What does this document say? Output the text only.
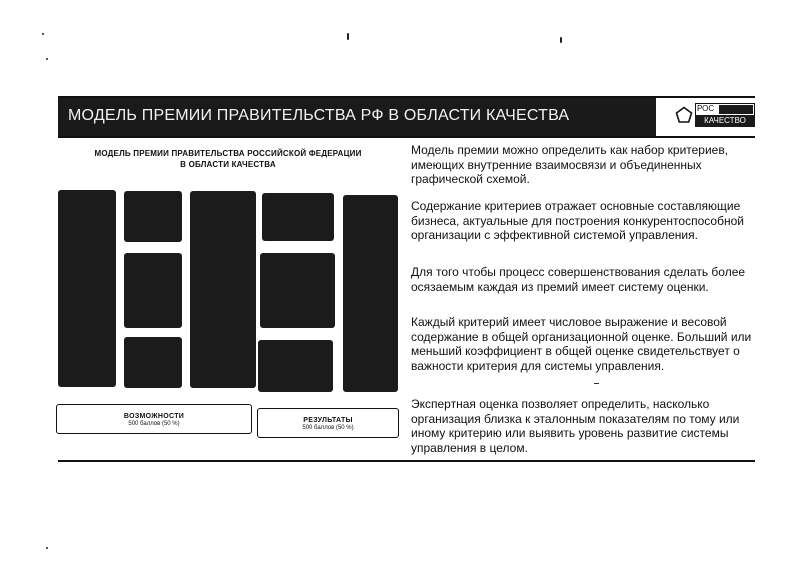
МОДЕЛЬ ПРЕМИИ ПРАВИТЕЛЬСТВА РФ В ОБЛАСТИ КАЧЕСТВА	РОС
КАЧЕСТВО
МОДЕЛЬ ПРЕМИИ ПРАВИТЕЛЬСТВА РОССИЙСКОЙ ФЕДЕРАЦИИ
В ОБЛАСТИ КАЧЕСТВА
ВОЗМОЖНОСТИ
500 баллов (50 %)	РЕЗУЛЬТАТЫ
500 баллов (50 %)
Модель премии можно определить как набор критериев, имеющих внутренние взаимосвязи и объединенных графической схемой.
Содержание критериев отражает основные составляющие бизнеса, актуальные для построения конкурентоспособной организации с эффективной системой управления.
Для того чтобы процесс совершенствования сделать более осязаемым каждая из премий имеет систему оценки.
Каждый критерий имеет числовое выражение и весовой содержание в общей организационной оценке. Больший или меньший коэффициент в общей оценке свидетельствует о важности критерия для системы управления.
Экспертная оценка позволяет определить, насколько организация близка к эталонным показателям по тому или иному критерию или выявить уровень развитие системы управления в целом.
